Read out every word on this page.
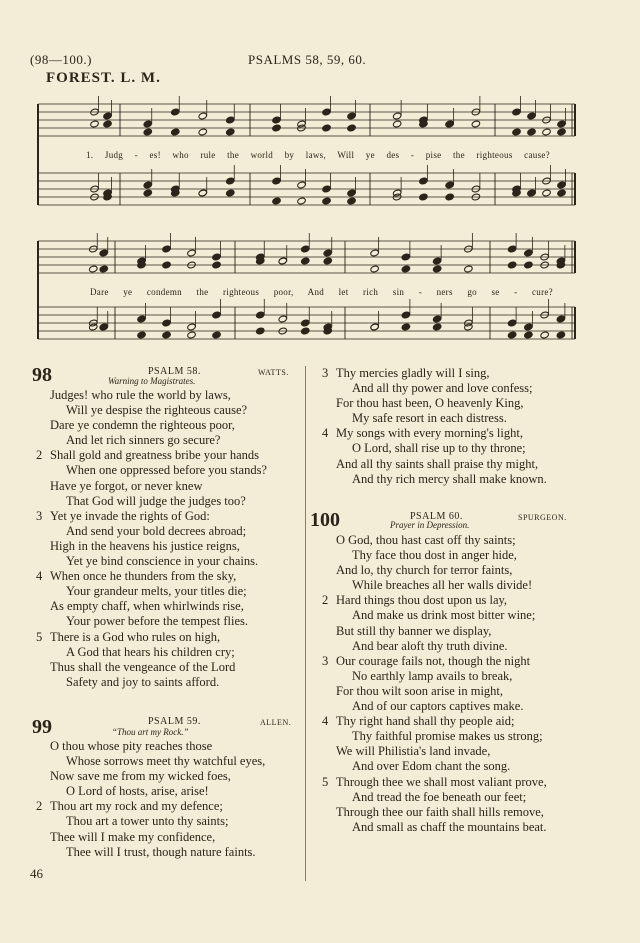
(98—100.)	PSALMS 58, 59, 60.
FOREST. L. M.
1. Judg - es! who rule the world by laws, Will ye des - pise the righteous cause?
Dare ye condemn the righteous poor, And let rich sin - ners go se - cure?
98	PSALM 58.	WATTS.
Warning to Magistrates.
Judges! who rule the world by laws,
Will ye despise the righteous cause?
Dare ye condemn the righteous poor,
And let rich sinners go secure?
2 Shall gold and greatness bribe your hands
When one oppressed before you stands?
Have ye forgot, or never knew
That God will judge the judges too?
3 Yet ye invade the rights of God:
And send your bold decrees abroad;
High in the heavens his justice reigns,
Yet ye bind conscience in your chains.
4 When once he thunders from the sky,
Your grandeur melts, your titles die;
As empty chaff, when whirlwinds rise,
Your power before the tempest flies.
5 There is a God who rules on high,
A God that hears his children cry;
Thus shall the vengeance of the Lord
Safety and joy to saints afford.
99	PSALM 59.	ALLEN.
“Thou art my Rock.”
O thou whose pity reaches those
Whose sorrows meet thy watchful eyes,
Now save me from my wicked foes,
O Lord of hosts, arise, arise!
2 Thou art my rock and my defence;
Thou art a tower unto thy saints;
Thee will I make my confidence,
Thee will I trust, though nature faints.
3 Thy mercies gladly will I sing,
And all thy power and love confess;
For thou hast been, O heavenly King,
My safe resort in each distress.
4 My songs with every morning's light,
O Lord, shall rise up to thy throne;
And all thy saints shall praise thy might,
And thy rich mercy shall make known.
100	PSALM 60.	SPURGEON.
Prayer in Depression.
O God, thou hast cast off thy saints;
Thy face thou dost in anger hide,
And lo, thy church for terror faints,
While breaches all her walls divide!
2 Hard things thou dost upon us lay,
And make us drink most bitter wine;
But still thy banner we display,
And bear aloft thy truth divine.
3 Our courage fails not, though the night
No earthly lamp avails to break,
For thou wilt soon arise in might,
And of our captors captives make.
4 Thy right hand shall thy people aid;
Thy faithful promise makes us strong;
We will Philistia's land invade,
And over Edom chant the song.
5 Through thee we shall most valiant prove,
And tread the foe beneath our feet;
Through thee our faith shall hills remove,
And small as chaff the mountains beat.
46
